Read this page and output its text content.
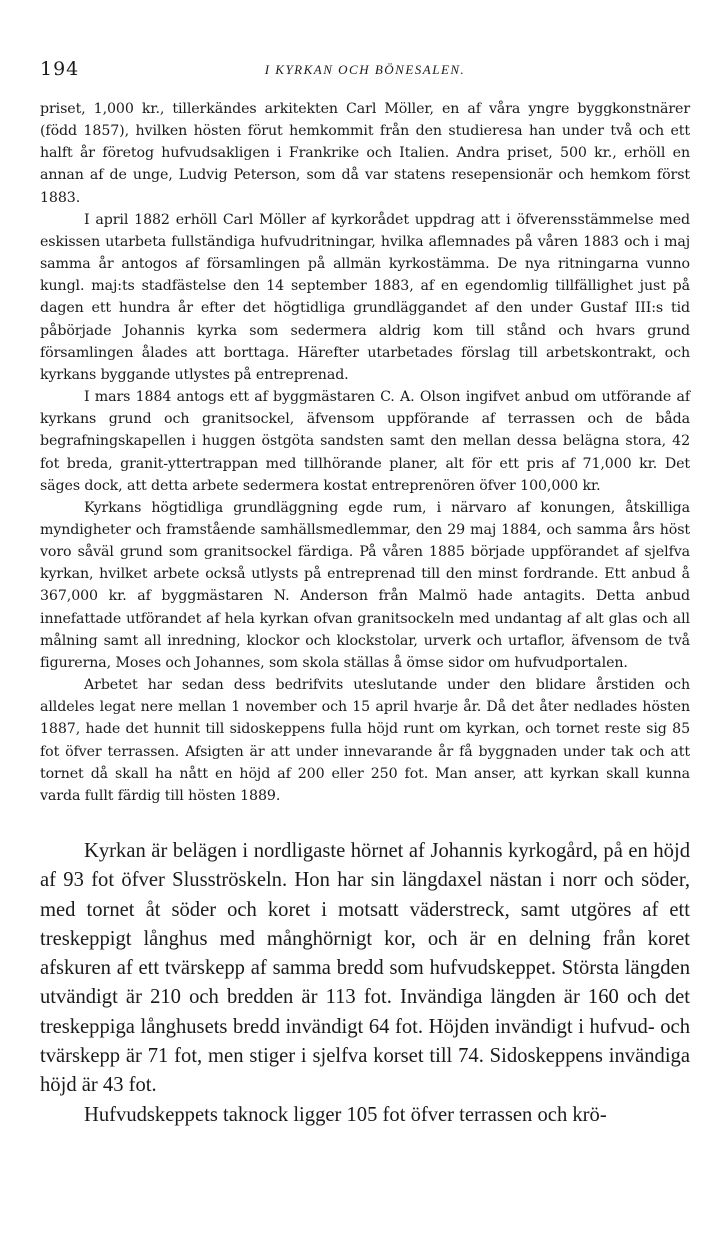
194	I KYRKAN OCH BÖNESALEN.

priset, 1,000 kr., tillerkändes arkitekten Carl Möller, en af våra yngre byggkonstnärer (född 1857), hvilken hösten förut hemkommit från den studieresa han under två och ett halft år företog hufvudsakligen i Frankrike och Italien. Andra priset, 500 kr., erhöll en annan af de unge, Ludvig Peterson, som då var statens resepensionär och hemkom först 1883.

I april 1882 erhöll Carl Möller af kyrkorådet uppdrag att i öfverensstämmelse med eskissen utarbeta fullständiga hufvudritningar, hvilka aflemnades på våren 1883 och i maj samma år antogos af församlingen på allmän kyrkostämma. De nya ritningarna vunno kungl. maj:ts stadfästelse den 14 september 1883, af en egendomlig tillfällighet just på dagen ett hundra år efter det högtidliga grundläggandet af den under Gustaf III:s tid påbörjade Johannis kyrka som sedermera aldrig kom till stånd och hvars grund församlingen ålades att borttaga. Härefter utarbetades förslag till arbetskontrakt, och kyrkans byggande utlystes på entreprenad.

I mars 1884 antogs ett af byggmästaren C. A. Olson ingifvet anbud om utförande af kyrkans grund och granitsockel, äfvensom uppförande af terrassen och de båda begrafningskapellen i huggen östgöta sandsten samt den mellan dessa belägna stora, 42 fot breda, granit-yttertrappan med tillhörande planer, alt för ett pris af 71,000 kr. Det säges dock, att detta arbete sedermera kostat entreprenören öfver 100,000 kr.

Kyrkans högtidliga grundläggning egde rum, i närvaro af konungen, åtskilliga myndigheter och framstående samhällsmedlemmar, den 29 maj 1884, och samma års höst voro såväl grund som granitsockel färdiga. På våren 1885 började uppförandet af sjelfva kyrkan, hvilket arbete också utlysts på entreprenad till den minst fordrande. Ett anbud å 367,000 kr. af byggmästaren N. Anderson från Malmö hade antagits. Detta anbud innefattade utförandet af hela kyrkan ofvan granitsockeln med undantag af alt glas och all målning samt all inredning, klockor och klockstolar, urverk och urtaflor, äfvensom de två figurerna, Moses och Johannes, som skola ställas å ömse sidor om hufvudportalen.

Arbetet har sedan dess bedrifvits uteslutande under den blidare årstiden och alldeles legat nere mellan 1 november och 15 april hvarje år. Då det åter nedlades hösten 1887, hade det hunnit till sidoskeppens fulla höjd runt om kyrkan, och tornet reste sig 85 fot öfver terrassen. Afsigten är att under innevarande år få byggnaden under tak och att tornet då skall ha nått en höjd af 200 eller 250 fot. Man anser, att kyrkan skall kunna varda fullt färdig till hösten 1889.

Kyrkan är belägen i nordligaste hörnet af Johannis kyrkogård, på en höjd af 93 fot öfver Slusströskeln. Hon har sin längdaxel nästan i norr och söder, med tornet åt söder och koret i motsatt väderstreck, samt utgöres af ett treskeppigt långhus med månghörnigt kor, och är en delning från koret afskuren af ett tvärskepp af samma bredd som hufvudskeppet. Största längden utvändigt är 210 och bredden är 113 fot. Invändiga längden är 160 och det treskeppiga långhusets bredd invändigt 64 fot. Höjden invändigt i hufvud- och tvärskepp är 71 fot, men stiger i sjelfva korset till 74. Sidoskeppens invändiga höjd är 43 fot.

Hufvudskeppets taknock ligger 105 fot öfver terrassen och krö-
